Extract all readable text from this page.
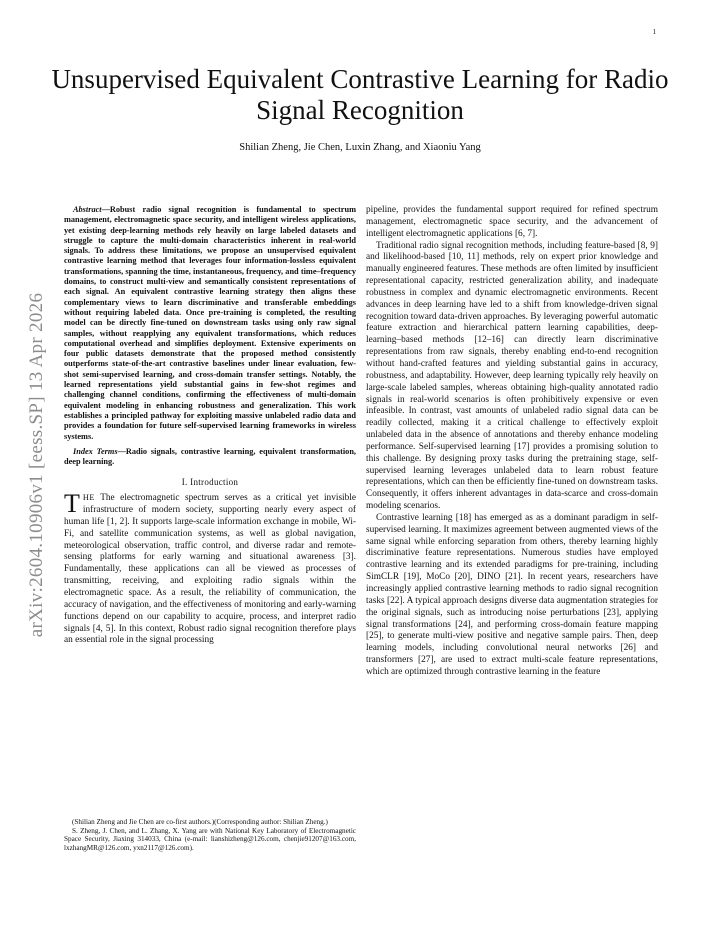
1
arXiv:2604.10906v1 [eess.SP] 13 Apr 2026
Unsupervised Equivalent Contrastive Learning for Radio Signal Recognition
Shilian Zheng, Jie Chen, Luxin Zhang, and Xiaoniu Yang

Abstract—Robust radio signal recognition is fundamental to spectrum management, electromagnetic space security, and intelligent wireless applications, yet existing deep-learning methods rely heavily on large labeled datasets and struggle to capture the multi-domain characteristics inherent in real-world signals. To address these limitations, we propose an unsupervised equivalent contrastive learning method that leverages four information-lossless equivalent transformations, spanning the time, instantaneous, frequency, and time–frequency domains, to construct multi-view and semantically consistent representations of each signal. An equivalent contrastive learning strategy then aligns these complementary views to learn discriminative and transferable embeddings without requiring labeled data. Once pre-training is completed, the resulting model can be directly fine-tuned on downstream tasks using only raw signal samples, without reapplying any equivalent transformations, which reduces computational overhead and simplifies deployment. Extensive experiments on four public datasets demonstrate that the proposed method consistently outperforms state-of-the-art contrastive baselines under linear evaluation, few-shot semi-supervised learning, and cross-domain transfer settings. Notably, the learned representations yield substantial gains in few-shot regimes and challenging channel conditions, confirming the effectiveness of multi-domain equivalent modeling in enhancing robustness and generalization. This work establishes a principled pathway for exploiting massive unlabeled radio data and provides a foundation for future self-supervised learning frameworks in wireless systems.

Index Terms—Radio signals, contrastive learning, equivalent transformation, deep learning.

I. Introduction

THE The electromagnetic spectrum serves as a critical yet invisible infrastructure of modern society, supporting nearly every aspect of human life [1, 2]. It supports large-scale information exchange in mobile, Wi-Fi, and satellite communication systems, as well as global navigation, meteorological observation, traffic control, and diverse radar and remote-sensing platforms for early warning and situational awareness [3]. Fundamentally, these applications can all be viewed as processes of transmitting, receiving, and exploiting radio signals within the electromagnetic space. As a result, the reliability of communication, the accuracy of navigation, and the effectiveness of monitoring and early-warning functions depend on our capability to acquire, process, and interpret radio signals [4, 5]. In this context, Robust radio signal recognition therefore plays an essential role in the signal processing

(Shilian Zheng and Jie Chen are co-first authors.)(Corresponding author: Shilian Zheng.)

S. Zheng, J. Chen, and L. Zhang, X. Yang are with National Key Laboratory of Electromagnetic Space Security, Jiaxing 314033, China (e-mail: lianshizheng@126.com, chenjie91207@163.com, lxzhangMR@126.com, yxn2117@126.com).

pipeline, provides the fundamental support required for refined spectrum management, electromagnetic space security, and the advancement of intelligent electromagnetic applications [6, 7].

Traditional radio signal recognition methods, including feature-based [8, 9] and likelihood-based [10, 11] methods, rely on expert prior knowledge and manually engineered features. These methods are often limited by insufficient representational capacity, restricted generalization ability, and inadequate robustness in complex and dynamic electromagnetic environments. Recent advances in deep learning have led to a shift from knowledge-driven signal recognition toward data-driven approaches. By leveraging powerful automatic feature extraction and hierarchical pattern learning capabilities, deep-learning–based methods [12–16] can directly learn discriminative representations from raw signals, thereby enabling end-to-end recognition without hand-crafted features and yielding substantial gains in accuracy, robustness, and adaptability. However, deep learning typically rely heavily on large-scale labeled samples, whereas obtaining high-quality annotated radio signals in real-world scenarios is often prohibitively expensive or even infeasible. In contrast, vast amounts of unlabeled radio signal data can be readily collected, making it a critical challenge to effectively exploit unlabeled data in the absence of annotations and thereby enhance modeling performance. Self-supervised learning [17] provides a promising solution to this challenge. By designing proxy tasks during the pretraining stage, self-supervised learning leverages unlabeled data to learn robust feature representations, which can then be efficiently fine-tuned on downstream tasks. Consequently, it offers inherent advantages in data-scarce and cross-domain modeling scenarios.

Contrastive learning [18] has emerged as as a dominant paradigm in self-supervised learning. It maximizes agreement between augmented views of the same signal while enforcing separation from others, thereby learning highly discriminative feature representations. Numerous studies have employed contrastive learning and its extended paradigms for pre-training, including SimCLR [19], MoCo [20], DINO [21]. In recent years, researchers have increasingly applied contrastive learning methods to radio signal recognition tasks [22]. A typical approach designs diverse data augmentation strategies for the original signals, such as introducing noise perturbations [23], applying signal transformations [24], and performing cross-domain feature mapping [25], to generate multi-view positive and negative sample pairs. Then, deep learning models, including convolutional neural networks [26] and transformers [27], are used to extract multi-scale feature representations, which are optimized through contrastive learning in the feature
